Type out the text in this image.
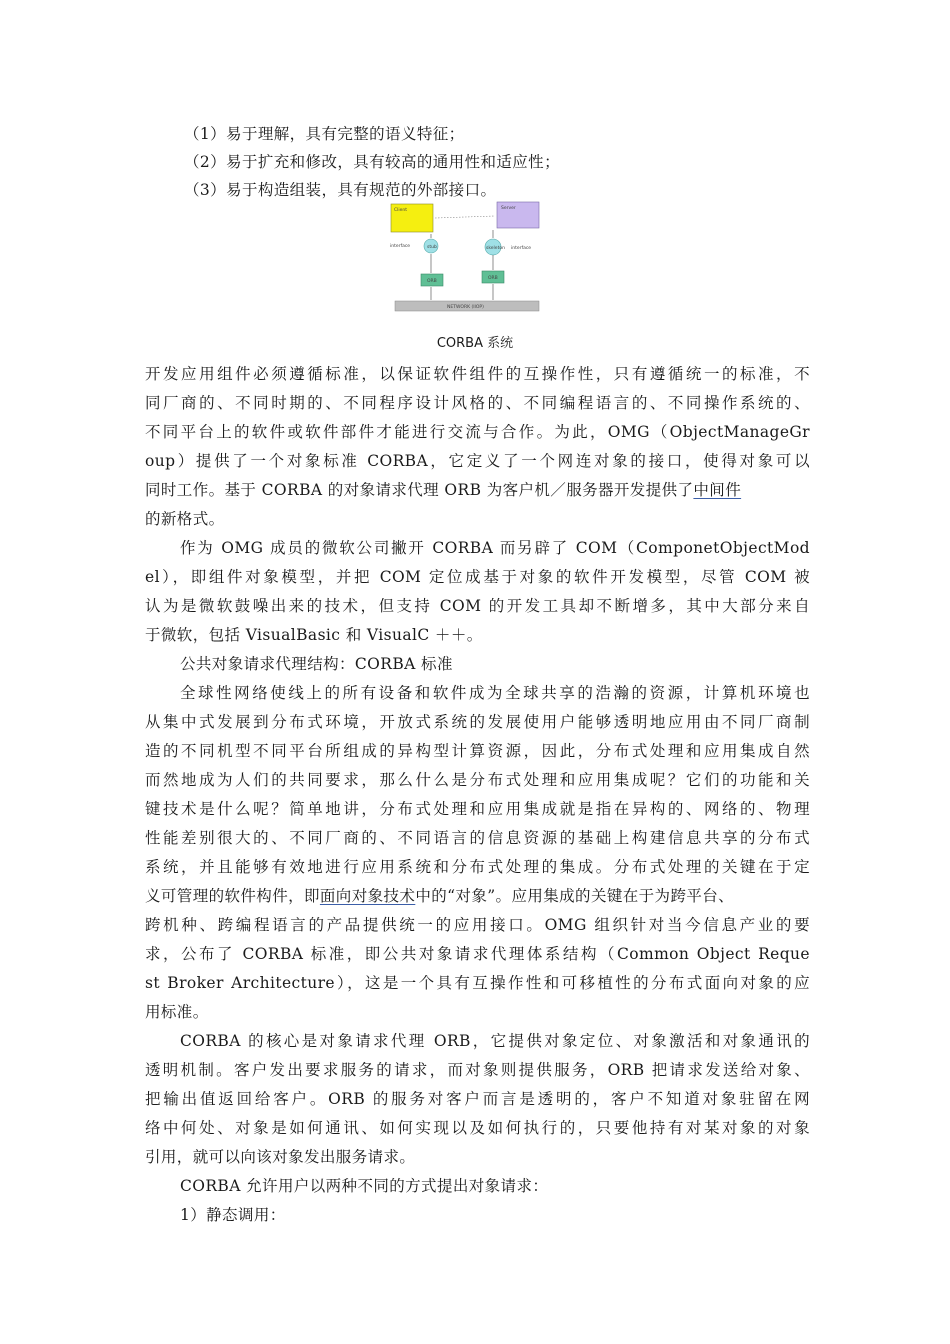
（1）易于理解，具有完整的语义特征；
（2）易于扩充和修改，具有较高的通用性和适应性；
（3）易于构造组装，具有规范的外部接口。
Client	Server
interface	interface
stub	skeleton
ORB
ORB
NETWORK (IIOP)
CORBA 系统
开发应用组件必须遵循标准，以保证软件组件的互操作性，只有遵循统一的标准，不
同厂商的、不同时期的、不同程序设计风格的、不同编程语言的、不同操作系统的、
不同平台上的软件或软件部件才能进行交流与合作。为此，OMG（ObjectManageGr
oup）提供了一个对象标准 CORBA，它定义了一个网连对象的接口，使得对象可以
同时工作。基于 CORBA 的对象请求代理 ORB 为客户机／服务器开发提供了中间件
的新格式。
作为 OMG 成员的微软公司撇开 CORBA 而另辟了 COM（ComponetObjectMod
el），即组件对象模型，并把 COM 定位成基于对象的软件开发模型，尽管 COM 被
认为是微软鼓噪出来的技术，但支持 COM 的开发工具却不断增多，其中大部分来自
于微软，包括 VisualBasic 和 VisualC ＋＋。
公共对象请求代理结构：CORBA 标准
全球性网络使线上的所有设备和软件成为全球共享的浩瀚的资源，计算机环境也
从集中式发展到分布式环境，开放式系统的发展使用户能够透明地应用由不同厂商制
造的不同机型不同平台所组成的异构型计算资源，因此，分布式处理和应用集成自然
而然地成为人们的共同要求，那么什么是分布式处理和应用集成呢？它们的功能和关
键技术是什么呢？简单地讲，分布式处理和应用集成就是指在异构的、网络的、物理
性能差别很大的、不同厂商的、不同语言的信息资源的基础上构建信息共享的分布式
系统，并且能够有效地进行应用系统和分布式处理的集成。分布式处理的关键在于定
义可管理的软件构件，即面向对象技术中的“对象”。应用集成的关键在于为跨平台、
跨机种、跨编程语言的产品提供统一的应用接口。OMG 组织针对当今信息产业的要
求，公布了 CORBA 标准，即公共对象请求代理体系结构（Common Object Reque
st Broker Architecture），这是一个具有互操作性和可移植性的分布式面向对象的应
用标准。
CORBA 的核心是对象请求代理 ORB，它提供对象定位、对象激活和对象通讯的
透明机制。客户发出要求服务的请求，而对象则提供服务，ORB 把请求发送给对象、
把输出值返回给客户。ORB 的服务对客户而言是透明的，客户不知道对象驻留在网
络中何处、对象是如何通讯、如何实现以及如何执行的，只要他持有对某对象的对象
引用，就可以向该对象发出服务请求。
CORBA 允许用户以两种不同的方式提出对象请求：
1）静态调用：
